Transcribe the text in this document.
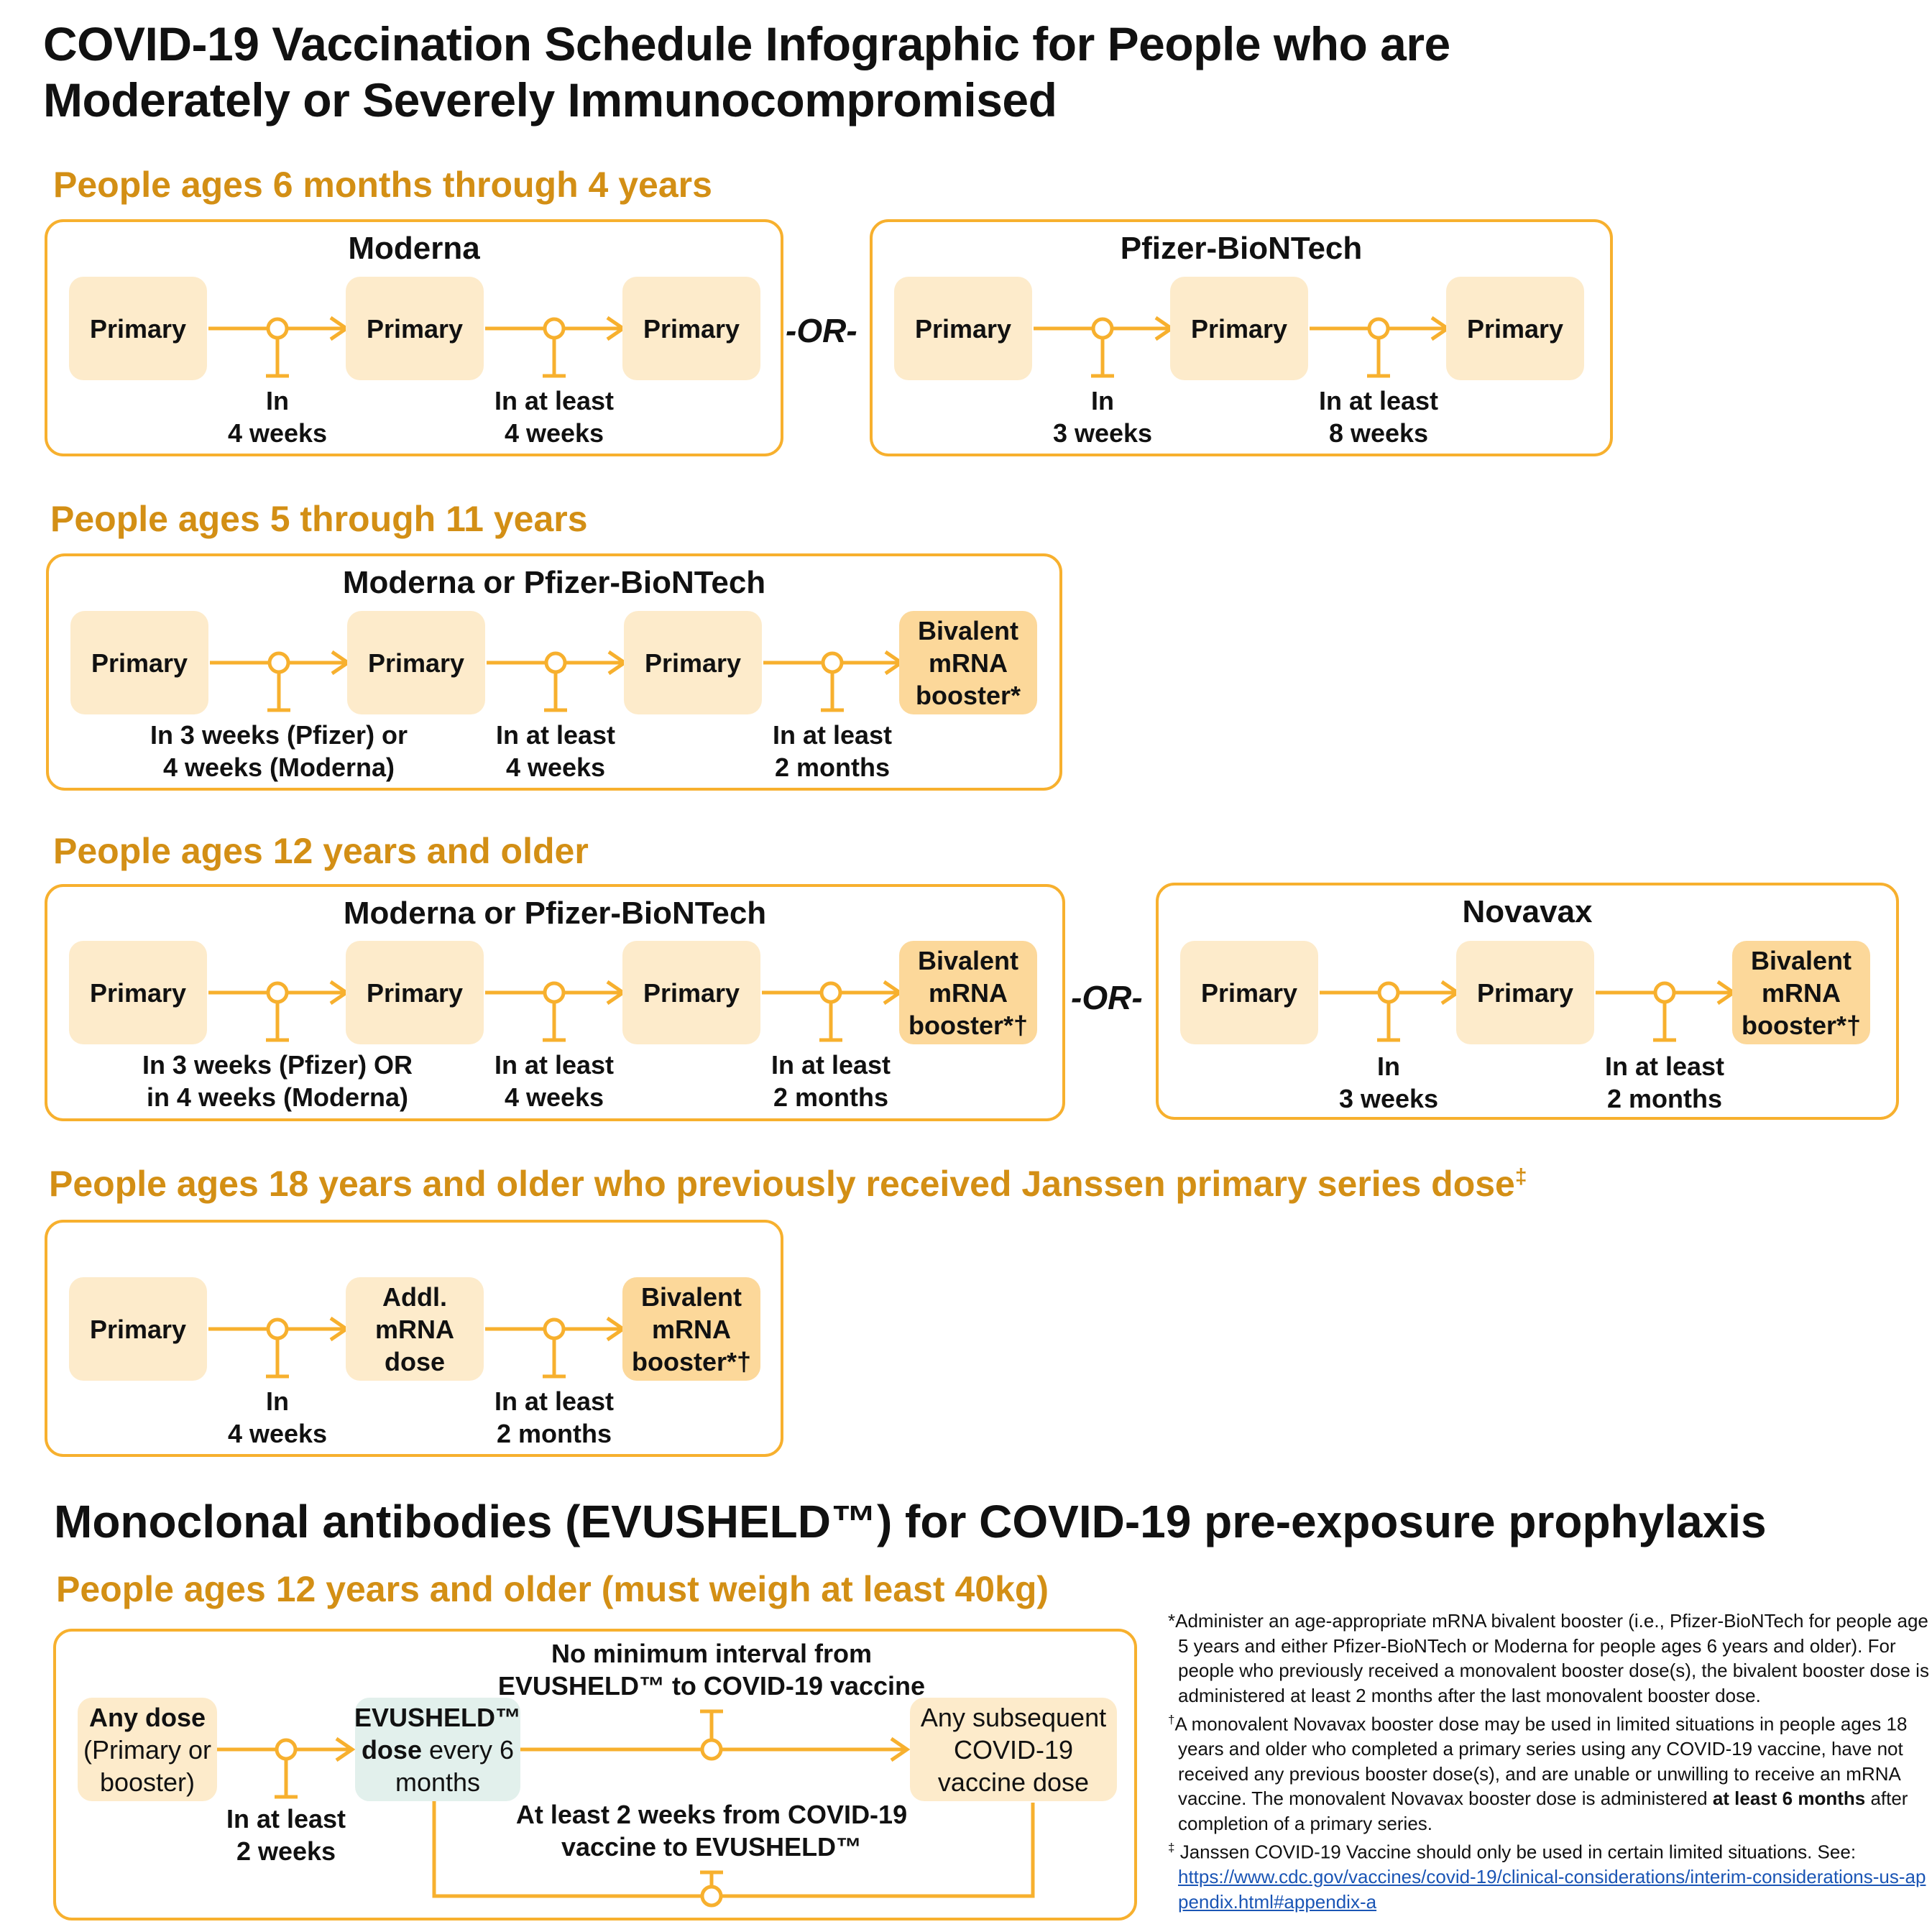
COVID-19 Vaccination Schedule Infographic for People who are
Moderately or Severely Immunocompromised
People ages 6 months through 4 years
People ages 5 through 11 years
People ages 12 years and older
People ages 18 years and older who previously received Janssen primary series dose‡
Moderna	Pfizer-BioNTech
Moderna or Pfizer-BioNTech
Moderna or Pfizer-BioNTech	Novavax
-OR-
-OR-
Primary	Primary	Primary	Primary	Primary	Primary
Primary	Primary	Primary
Bivalent mRNA booster*
Primary	Primary	Primary
Bivalent mRNA booster*†
Primary	Primary
Bivalent mRNA booster*†
Primary
Addl. mRNA dose
Bivalent mRNA booster*†
In
4 weeks
In at least
4 weeks
In
3 weeks
In at least
8 weeks
In 3 weeks (Pfizer) or
4 weeks (Moderna)
In at least
4 weeks
In at least
2 months
In 3 weeks (Pfizer) OR
in 4 weeks (Moderna)
In at least
4 weeks
In at least
2 months
In
3 weeks
In at least
2 months
In
4 weeks
In at least
2 months
Monoclonal antibodies (EVUSHELD™) for COVID-19 pre-exposure prophylaxis
People ages 12 years and older (must weigh at least 40kg)
Any dose
(Primary or booster)
EVUSHELD™ dose every 6 months
Any subsequent COVID-19 vaccine dose
In at least
2 weeks
No minimum interval from
EVUSHELD™ to COVID-19 vaccine
At least 2 weeks from COVID-19
vaccine to EVUSHELD™

*Administer an age-appropriate mRNA bivalent booster (i.e., Pfizer-BioNTech for people age 5 years and either Pfizer-BioNTech or Moderna for people ages 6 years and older). For people who previously received a monovalent booster dose(s), the bivalent booster dose is administered at least 2 months after the last monovalent booster dose.

†A monovalent Novavax booster dose may be used in limited situations in people ages 18 years and older who completed a primary series using any COVID-19 vaccine, have not received any previous booster dose(s), and are unable or unwilling to receive an mRNA vaccine. The monovalent Novavax booster dose is administered at least 6 months after completion of a primary series.

‡ Janssen COVID-19 Vaccine should only be used in certain limited situations. See:
https://www.cdc.gov/vaccines/covid-19/clinical-considerations/interim-considerations-us-appendix.html#appendix-a
